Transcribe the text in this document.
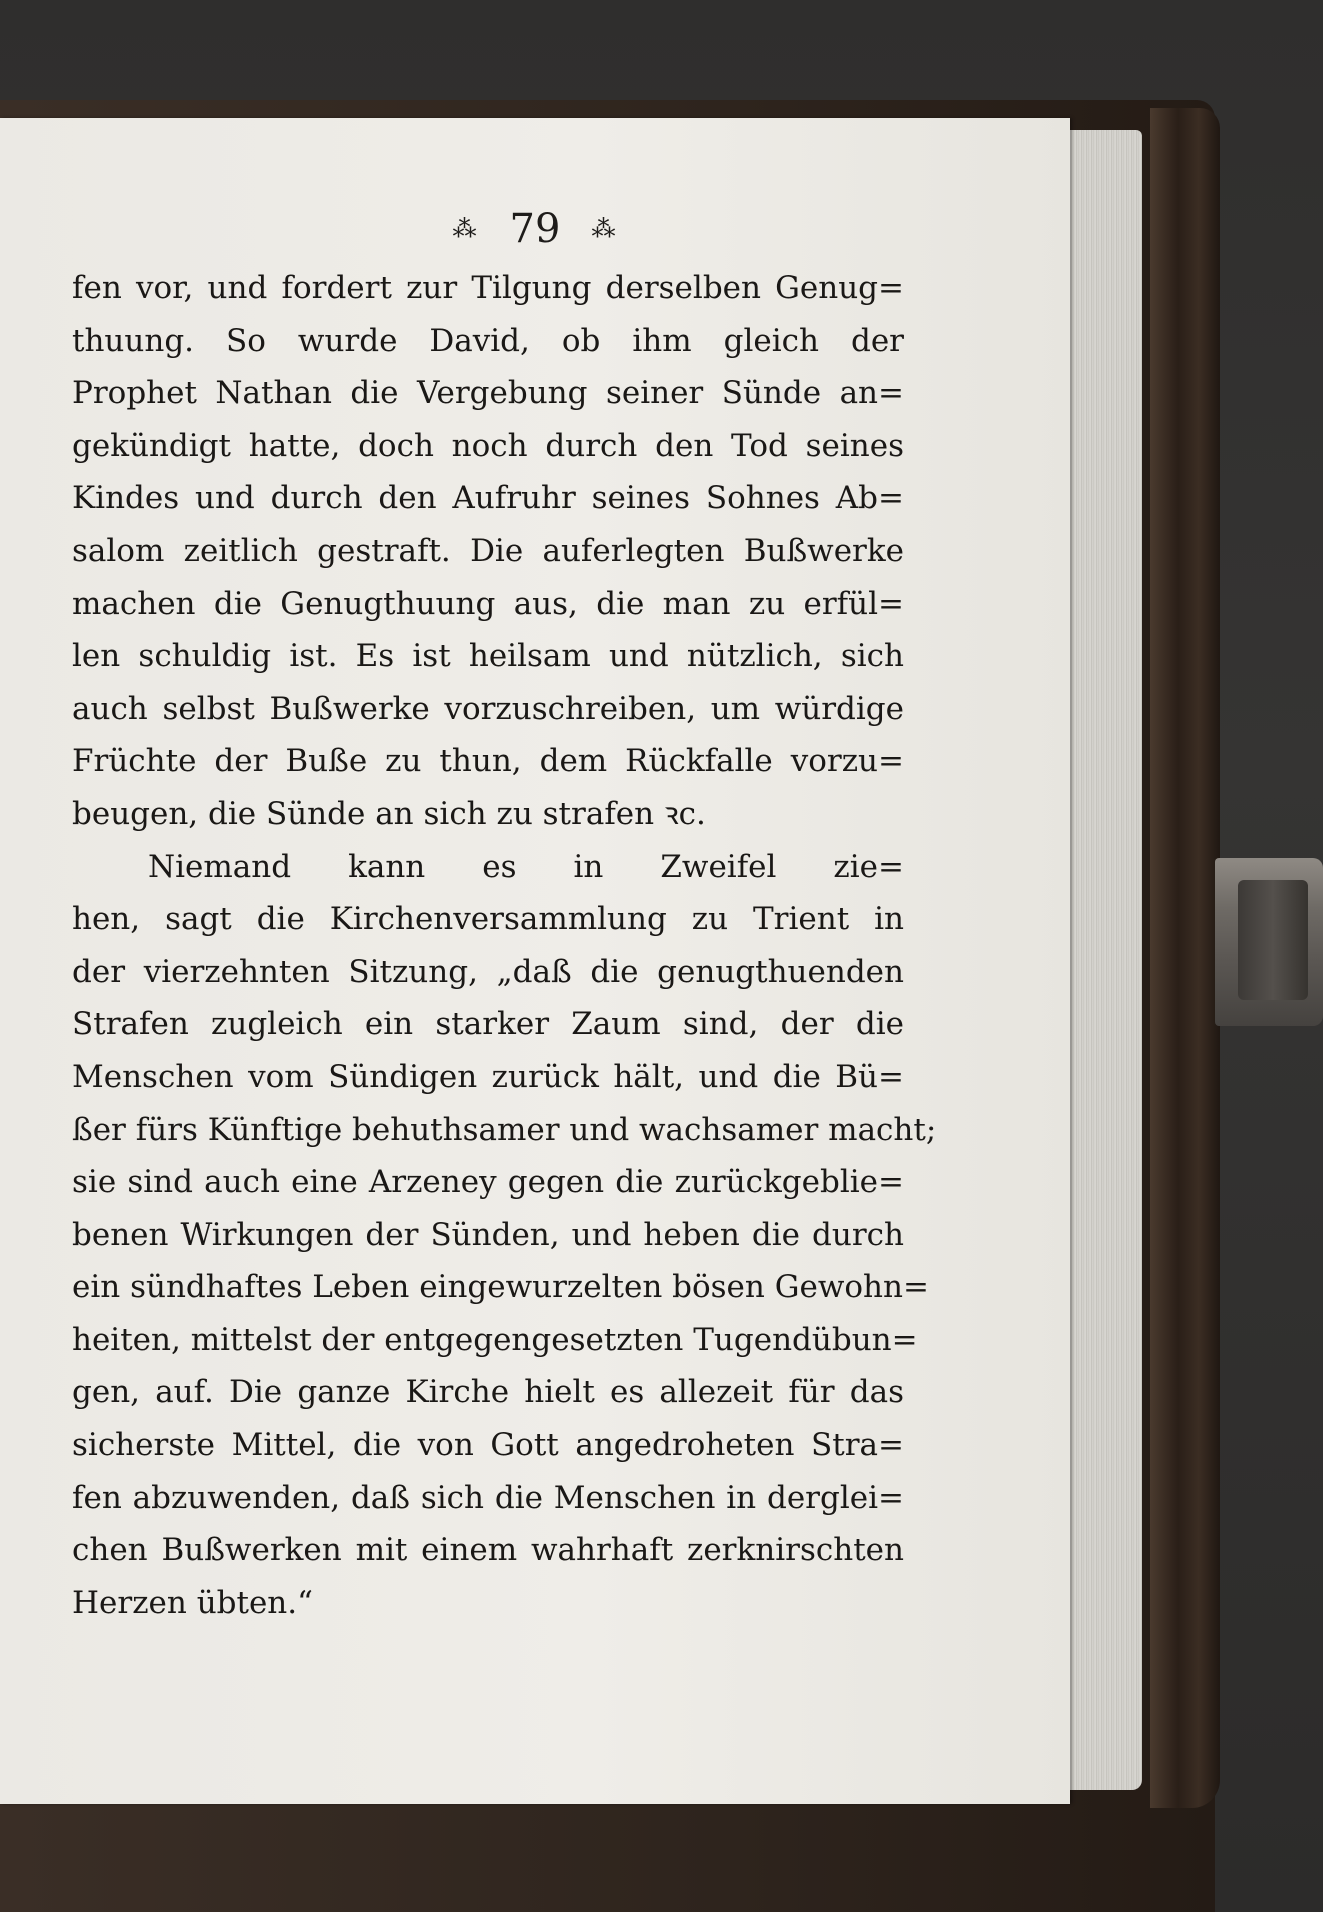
⁂ 79 ⁂
fen vor, und fordert zur Tilgung derselben Genug=
thuung. So wurde David, ob ihm gleich der
Prophet Nathan die Vergebung seiner Sünde an=
gekündigt hatte, doch noch durch den Tod seines
Kindes und durch den Aufruhr seines Sohnes Ab=
salom zeitlich gestraft. Die auferlegten Bußwerke
machen die Genugthuung aus, die man zu erfül=
len schuldig ist. Es ist heilsam und nützlich, sich
auch selbst Bußwerke vorzuschreiben, um würdige
Früchte der Buße zu thun, dem Rückfalle vorzu=
beugen, die Sünde an sich zu strafen ꝛc.
Niemand kann es in Zweifel zie=
hen, sagt die Kirchenversammlung zu Trient in
der vierzehnten Sitzung, „daß die genugthuenden
Strafen zugleich ein starker Zaum sind, der die
Menschen vom Sündigen zurück hält, und die Bü=
ßer fürs Künftige behuthsamer und wachsamer macht;
sie sind auch eine Arzeney gegen die zurückgeblie=
benen Wirkungen der Sünden, und heben die durch
ein sündhaftes Leben eingewurzelten bösen Gewohn=
heiten, mittelst der entgegengesetzten Tugendübun=
gen, auf. Die ganze Kirche hielt es allezeit für das
sicherste Mittel, die von Gott angedroheten Stra=
fen abzuwenden, daß sich die Menschen in derglei=
chen Bußwerken mit einem wahrhaft zerknirschten
Herzen übten.“
